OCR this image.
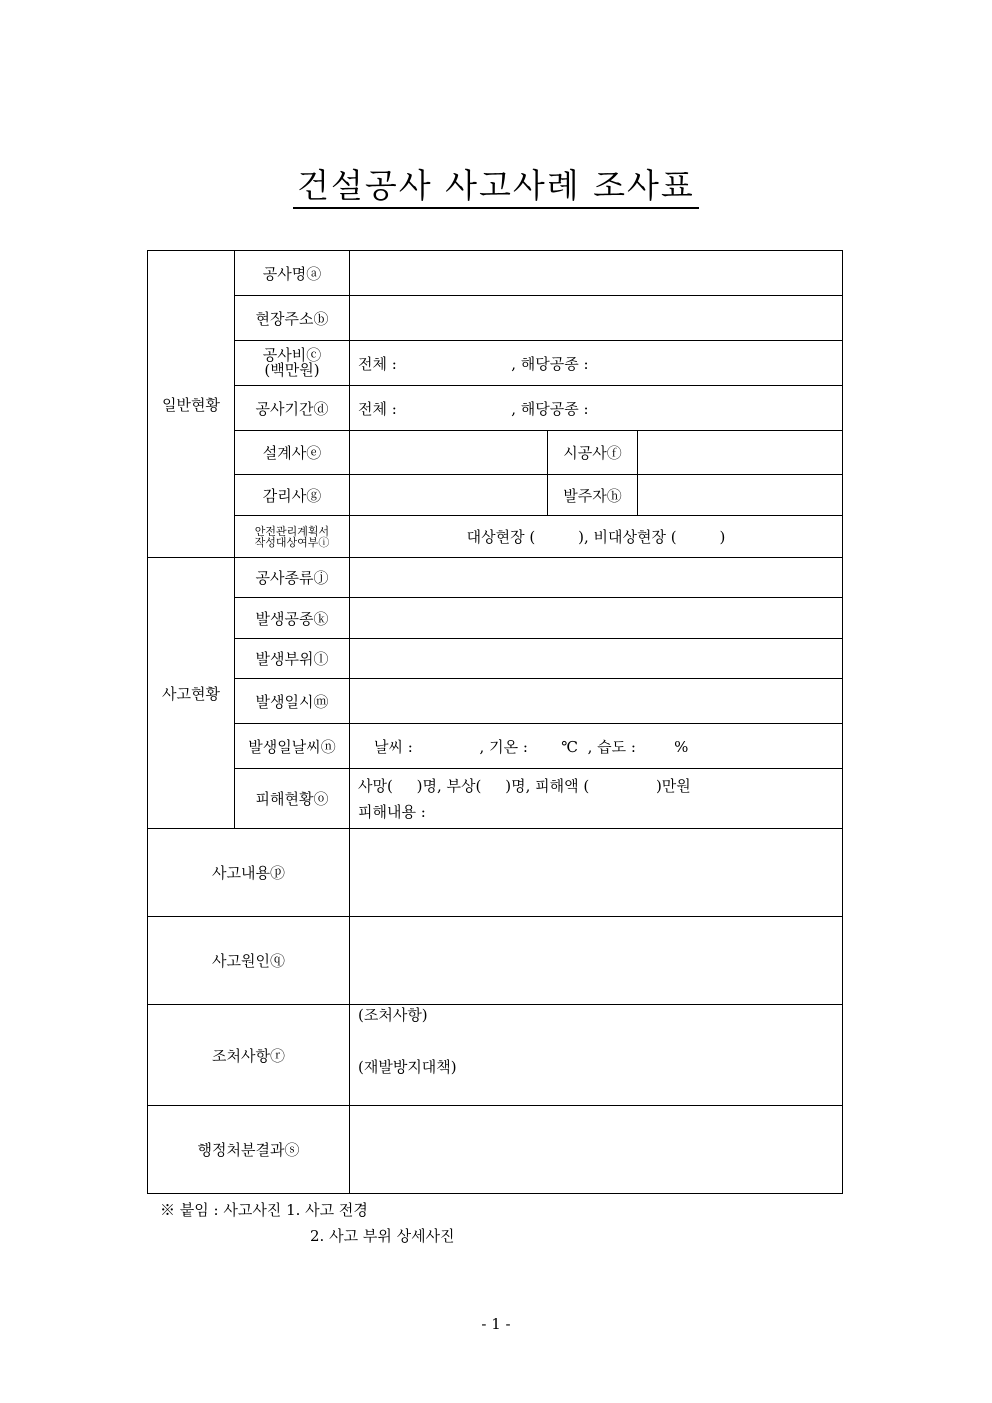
건설공사 사고사례 조사표
일반현황	공사명ⓐ			
	현장주소ⓑ			

	공사비ⓒ
(백만원)	전체 :                        , 해당공종 :		
	공사기간ⓓ	전체 :                        , 해당공종 :		
	설계사ⓔ		시공사ⓕ	
	감리사ⓖ		발주자ⓗ	
	안전관리계획서
작성대상여부ⓘ	대상현장 (         ), 비대상현장 (         )		
사고현황	공사종류ⓙ			
	발생공종ⓚ			
	발생부위ⓛ			
	발생일시ⓜ			
	발생일날씨ⓝ	날씨 :              , 기온 :       ℃  , 습도 :        %		
	피해현황ⓞ	사망(     )명, 부상(     )명, 피해액 (              )만원
피해내용 :		
사고내용ⓟ				
사고원인ⓠ				
조처사항ⓡ		(조처사항)
(재발방지대책)		

행정처분결과ⓢ				
※ 붙임 : 사고사진 1. 사고 전경
2. 사고 부위 상세사진
- 1 -
